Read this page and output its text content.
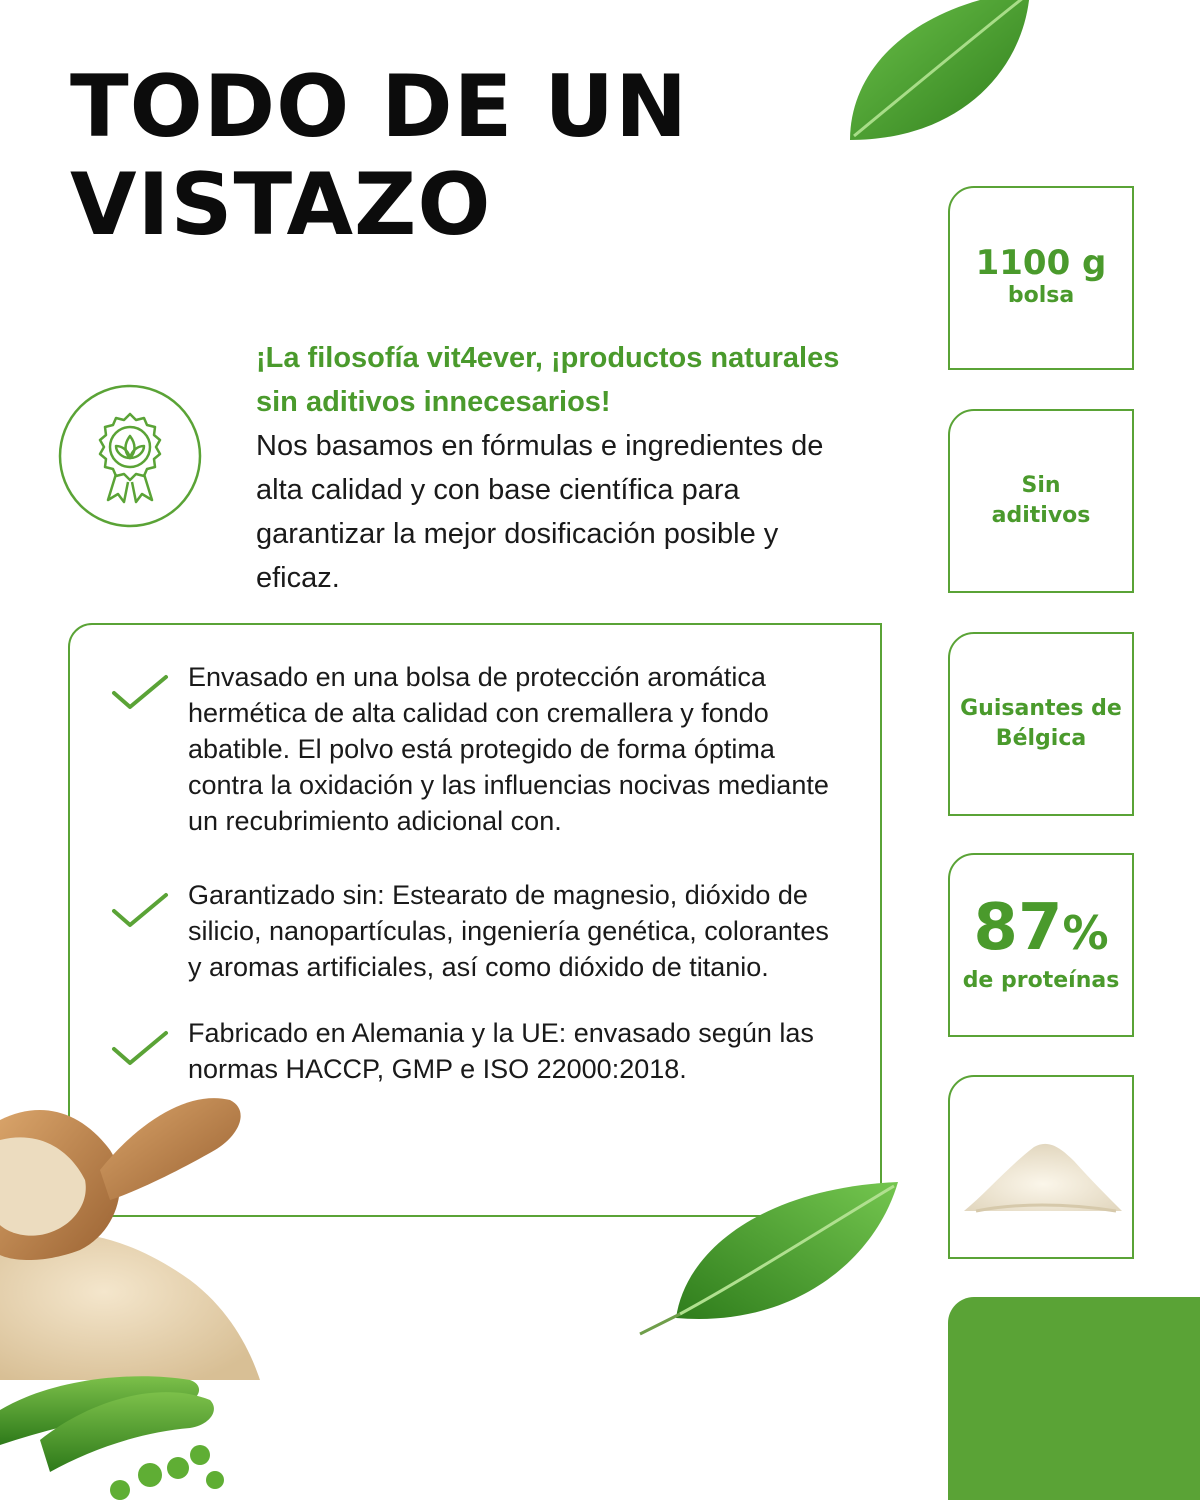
TODO DE UN VISTAZO

¡La filosofía vit4ever, ¡productos naturales sin aditivos innecesarios!

Nos basamos en fórmulas e ingredientes de alta calidad y con base científica para garantizar la mejor dosificación posible y eficaz.

Envasado en una bolsa de protección aromática hermética de alta calidad con cremallera y fondo abatible. El polvo está protegido de forma óptima contra la oxidación y las influencias nocivas mediante un recubrimiento adicional con.
Garantizado sin: Estearato de magnesio, dióxido de silicio, nanopartículas, ingeniería genética, colorantes y aromas artificiales, así como dióxido de titanio.
Fabricado en Alemania y la UE: envasado según las normas HACCP, GMP e ISO 22000:2018.
1100 g
bolsa
Sin
aditivos
Guisantes de
Bélgica
87%
de proteínas
